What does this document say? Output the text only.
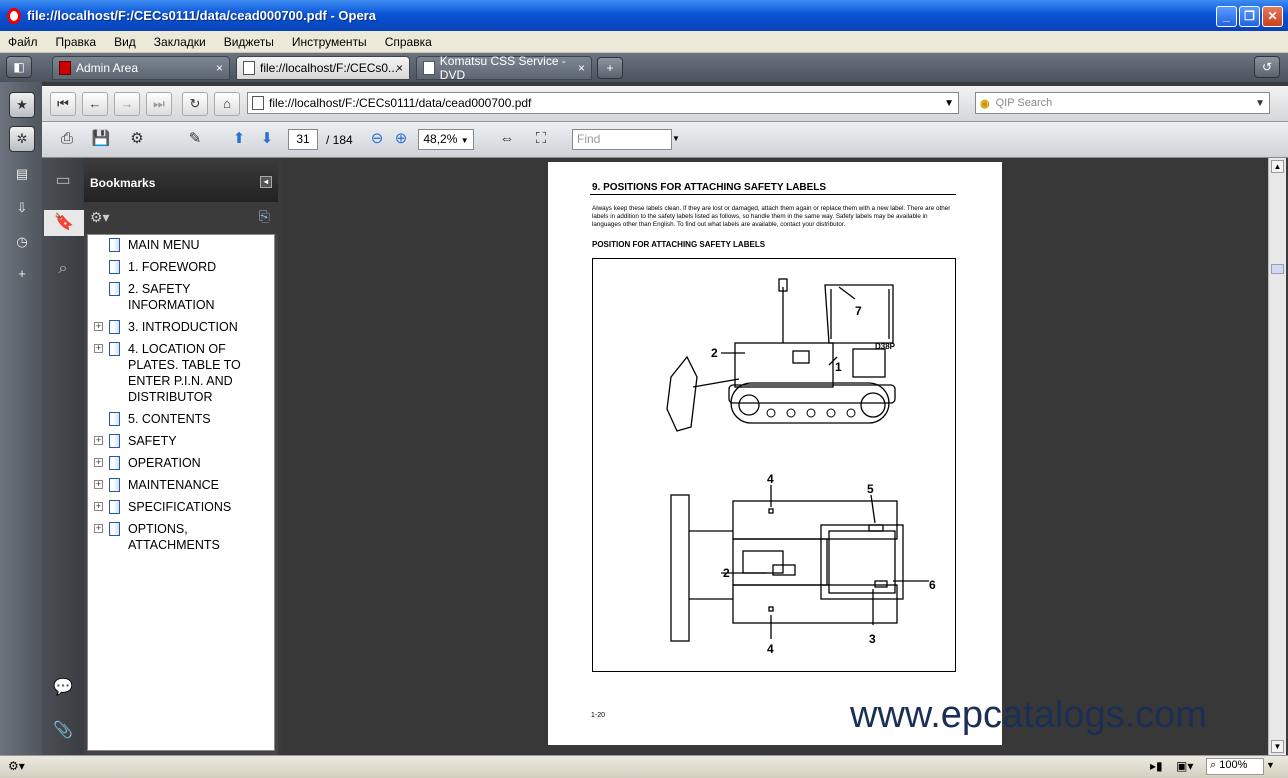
file://localhost/F:/CECs0111/data/cead000700.pdf - Opera	_	❐	✕
Файл Правка Вид Закладки Виджеты Инструменты Справка
◧	Admin Area	×	file://localhost/F:/CECs0...
×	Komatsu CSS Service - DVD	×	+	↺
★
✲
▤
⇩
◷
+
⏮	←	→	⏭	↻	⌂	file://localhost/F:/CECs0111/data/cead000700.pdf	▼ ◉ QIP Search	▼
⎙	💾	⚙	✎	⬆	⬇	31	/ 184	⊖ ⊕	48,2% ▼	⇔	⛶	Find	▼
▭
🔖
⌕
💬
📎
Bookmarks	◂
⚙▾	⎘
MAIN MENU
1. FOREWORD
2. SAFETY INFORMATION
+ 3. INTRODUCTION
+ 4. LOCATION OF PLATES. TABLE TO ENTER P.I.N. AND DISTRIBUTOR
5. CONTENTS
+ SAFETY
+ OPERATION
+ MAINTENANCE
+ SPECIFICATIONS
+ OPTIONS, ATTACHMENTS
9. POSITIONS FOR ATTACHING SAFETY LABELS
Always keep these labels clean. If they are lost or damaged, attach them again or replace them with a new label. There are other labels in addition to the safety labels listed as follows, so handle them in the same way. Safety labels may be available in languages other than English. To find out what labels are available, contact your distributor.
POSITION FOR ATTACHING SAFETY LABELS
2
7
1
4
5
2
6
3
4
D38P
1-20	www.epcatalogs.com
▲
▼
⚙▾	▸▮ ▣▾	⌕ 100%	▼
